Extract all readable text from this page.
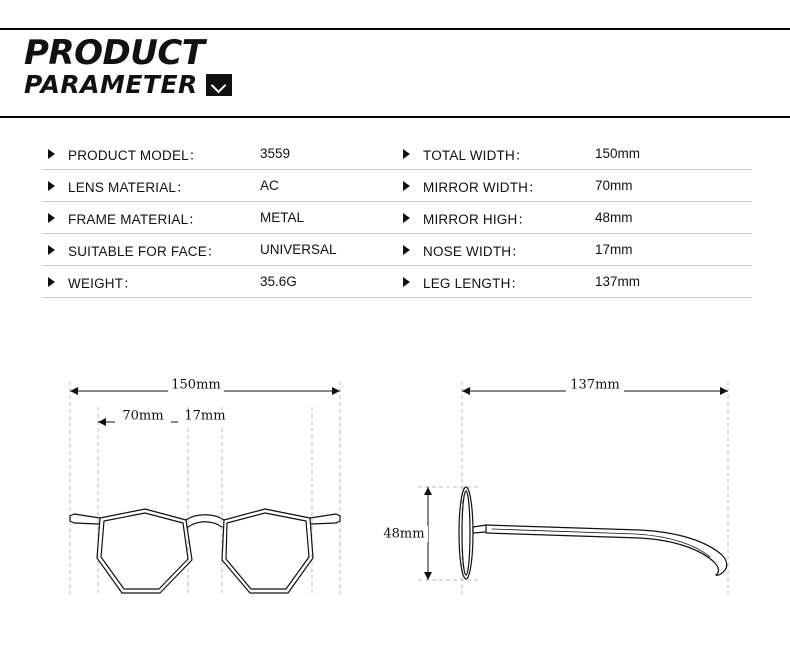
PRODUCT
PARAMETER
PRODUCT MODEL：	3559
LENS MATERIAL：	AC
FRAME MATERIAL：	METAL
SUITABLE FOR FACE：	UNIVERSAL
WEIGHT：	35.6G
TOTAL WIDTH：	150mm
MIRROR WIDTH：	70mm
MIRROR HIGH：	48mm
NOSE WIDTH：	17mm
LEG LENGTH：	137mm
150mm
70mm 17mm
137mm
48mm
